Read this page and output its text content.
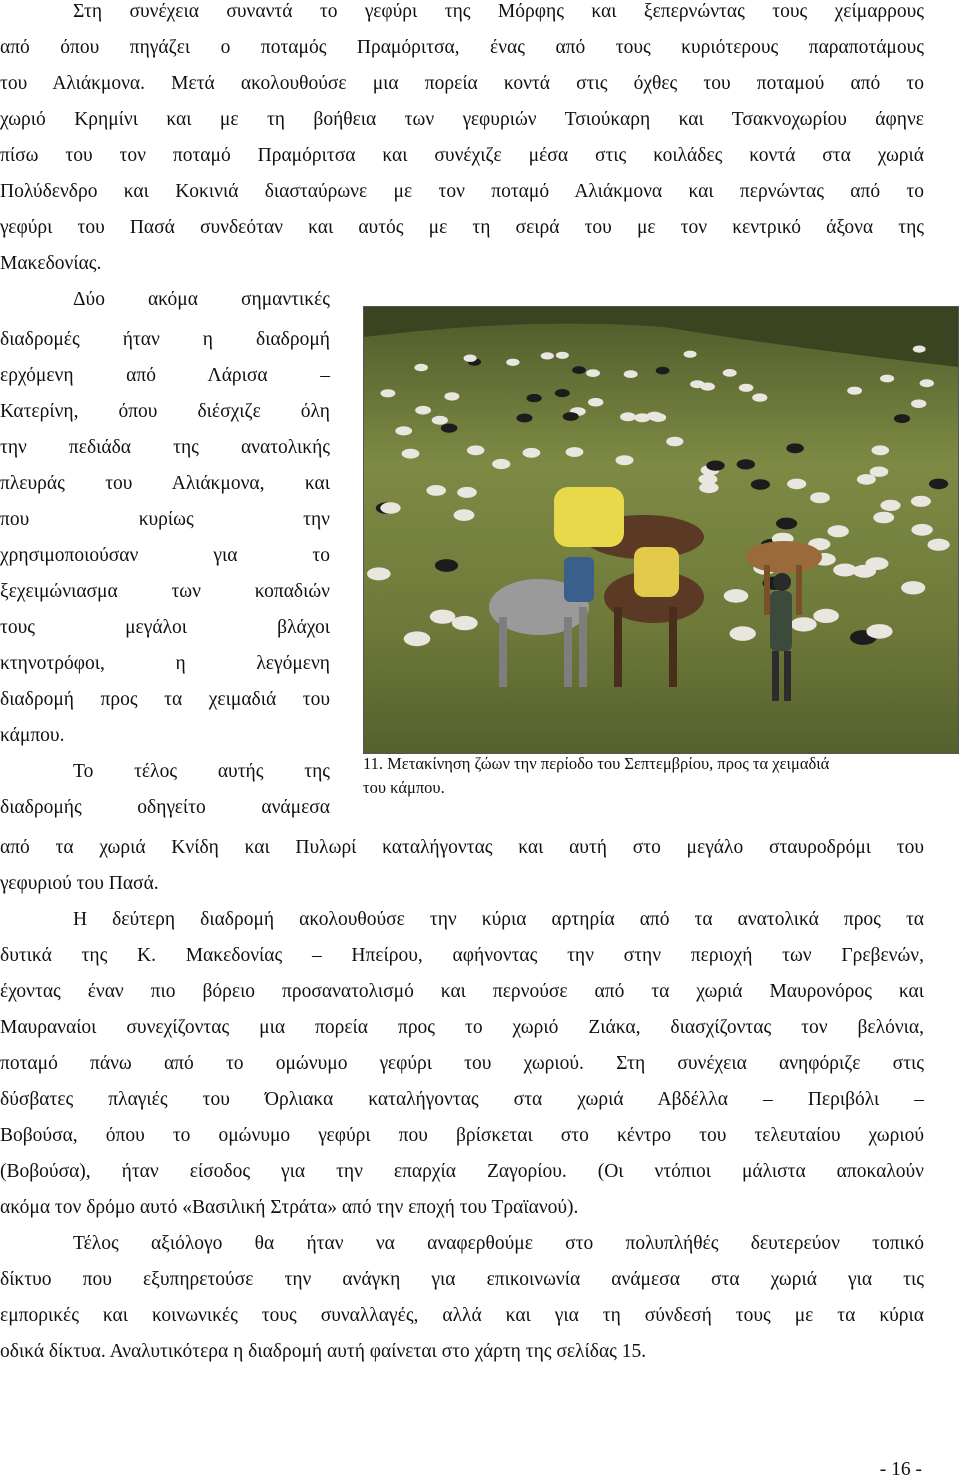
Στη συνέχεια συναντά το γεφύρι της Μόρφης και ξεπερνώντας τους χείμαρρους
από όπου πηγάζει ο ποταμός Πραμόριτσα, ένας από τους κυριότερους παραποτάμους
του Αλιάκμονα. Μετά ακολουθούσε μια πορεία κοντά στις όχθες του ποταμού από το
χωριό Κρημίνι και με τη βοήθεια των γεφυριών Τσιούκαρη και Τσακνοχωρίου άφηνε
πίσω του τον ποταμό Πραμόριτσα και συνέχιζε μέσα στις κοιλάδες κοντά στα χωριά
Πολύδενδρο και Κοκινιά διασταύρωνε με τον ποταμό Αλιάκμονα και περνώντας από το
γεφύρι του Πασά συνδεόταν και αυτός με τη σειρά του με τον κεντρικό άξονα της
Μακεδονίας.
Δύο ακόμα σημαντικές
διαδρομές ήταν η διαδρομή
ερχόμενη από Λάρισα –
Κατερίνη, όπου διέσχιζε όλη
την πεδιάδα της ανατολικής
πλευράς του Αλιάκμονα, και
που κυρίως την
χρησιμοποιούσαν για το
ξεχειμώνιασμα των κοπαδιών
τους μεγάλοι βλάχοι
κτηνοτρόφοι, η λεγόμενη
διαδρομή προς τα χειμαδιά του
κάμπου.
Το τέλος αυτής της
διαδρομής οδηγείτο ανάμεσα
από τα χωριά Κνίδη και Πυλωρί καταλήγοντας και αυτή στο μεγάλο σταυροδρόμι του
γεφυριού του Πασά.
Η δεύτερη διαδρομή ακολουθούσε την κύρια αρτηρία από τα ανατολικά προς τα
δυτικά της Κ. Μακεδονίας – Ηπείρου, αφήνοντας την στην περιοχή των Γρεβενών,
έχοντας έναν πιο βόρειο προσανατολισμό και περνούσε από τα χωριά Μαυρονόρος και
Μαυραναίοι συνεχίζοντας μια πορεία προς το χωριό Ζιάκα, διασχίζοντας τον βελόνια,
ποταμό πάνω από το ομώνυμο γεφύρι του χωριού. Στη συνέχεια ανηφόριζε στις
δύσβατες πλαγιές του Όρλιακα καταλήγοντας στα χωριά Αβδέλλα – Περιβόλι –
Βοβούσα, όπου το ομώνυμο γεφύρι που βρίσκεται στο κέντρο του τελευταίου χωριού
(Βοβούσα), ήταν είσοδος για την επαρχία Ζαγορίου. (Οι ντόπιοι μάλιστα αποκαλούν
ακόμα τον δρόμο αυτό «Βασιλική Στράτα» από την εποχή του Τραϊανού).
Τέλος αξιόλογο θα ήταν να αναφερθούμε στο πολυπλήθές δευτερεύον τοπικό
δίκτυο που εξυπηρετούσε την ανάγκη για επικοινωνία ανάμεσα στα χωριά για τις
εμπορικές και κοινωνικές τους συναλλαγές, αλλά και για τη σύνδεσή τους με τα κύρια
οδικά δίκτυα. Αναλυτικότερα η διαδρομή αυτή φαίνεται στο χάρτη της σελίδας 15.
11. Μετακίνηση ζώων την περίοδο του Σεπτεμβρίου, προς τα χειμαδιά
του κάμπου.
- 16 -
